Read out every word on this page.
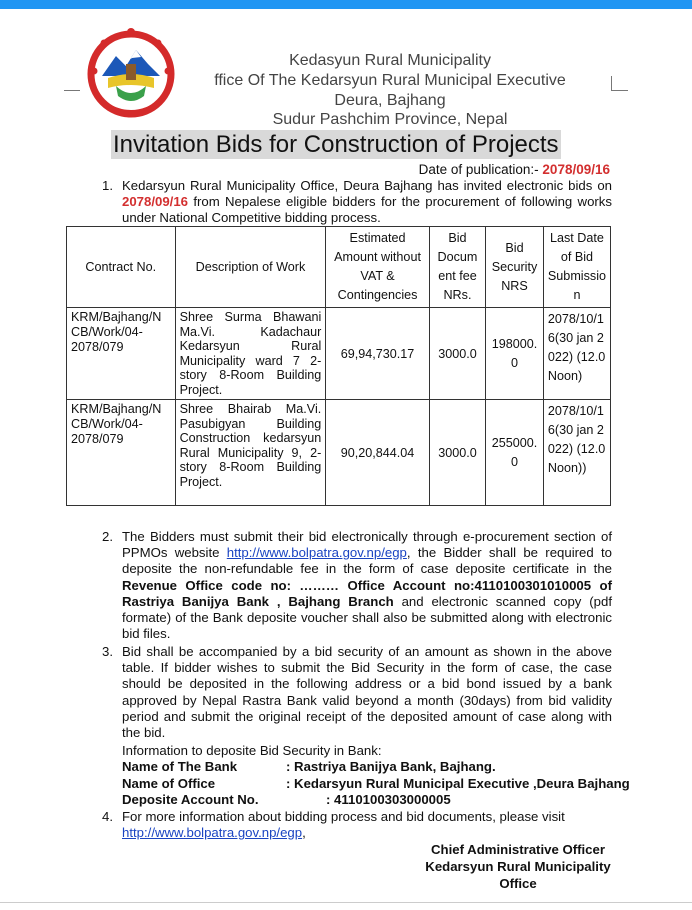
Kedasyun Rural Municipality
ffice Of The Kedarsyun Rural Municipal Executive
Deura, Bajhang
Sudur Pashchim Province, Nepal
Invitation Bids for Construction of Projects
Date of publication:- 2078/09/16
1. Kedarsyun Rural Municipality Office, Deura Bajhang has invited electronic bids on 2078/09/16 from Nepalese eligible bidders for the procurement of following works under National Competitive bidding process.
Contract No.	Description of Work	Estimated Amount without VAT & Contingencies	Bid Docum ent fee NRs.	Bid Security NRS	Last Date of Bid Submissio n
KRM/Bajhang/N CB/Work/04-2078/079	Shree Surma Bhawani Ma.Vi. Kadachaur Kedarsyun Rural Municipality ward 7 2-story 8-Room Building Project.	69,94,730.17	3000.0	198000.0	2078/10/16(30 jan 2022) (12.0Noon)
KRM/Bajhang/N CB/Work/04-2078/079	Shree Bhairab Ma.Vi. Pasubigyan Building Construction kedarsyun Rural Municipality 9, 2-story 8-Room Building Project.	90,20,844.04	3000.0	255000.0	2078/10/16(30 jan 2022) (12.0Noon))
2. The Bidders must submit their bid electronically through e-procurement section of PPMOs website http://www.bolpatra.gov.np/egp, the Bidder shall be required to deposite the non-refundable fee in the form of case deposite certificate in the Revenue Office code no: ……… Office Account no:4110100301010005 of Rastriya Banijya Bank , Bajhang Branch and electronic scanned copy (pdf formate) of the Bank deposite voucher shall also be submitted along with electronic bid files.
3. Bid shall be accompanied by a bid security of an amount as shown in the above table. If bidder wishes to submit the Bid Security in the form of case, the case should be deposited in the following address or a bid bond issued by a bank approved by Nepal Rastra Bank valid beyond a month (30days) from bid validity period and submit the original receipt of the deposited amount of case along with the bid.
Information to deposite Bid Security in Bank:
Name of The Bank	: Rastriya Banijya Bank, Bajhang.
Name of Office	: Kedarsyun Rural Municipal Executive ,Deura Bajhang
Deposite Account No.	: 4110100303000005
4. For more information about bidding process and bid documents, please visit
http://www.bolpatra.gov.np/egp,
Chief Administrative Officer
Kedarsyun Rural Municipality
Office
